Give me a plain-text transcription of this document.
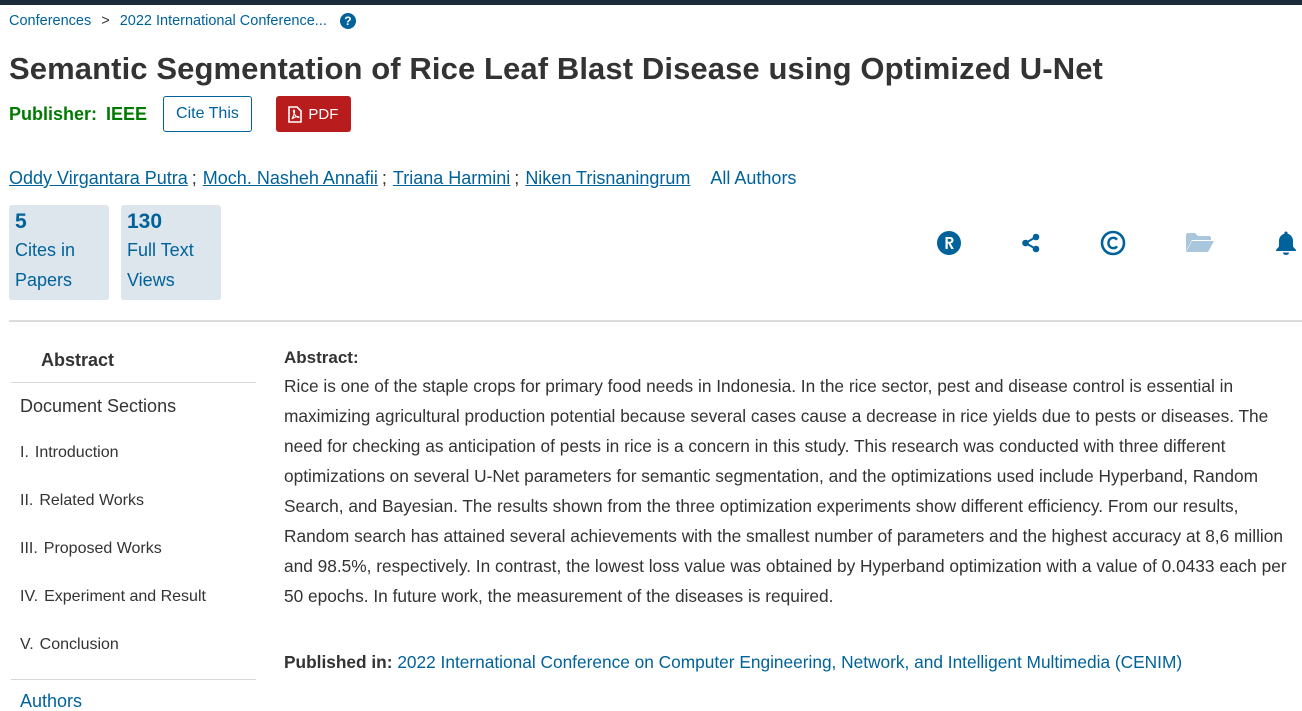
Conferences > 2022 International Conference...	?
Semantic Segmentation of Rice Leaf Blast Disease using Optimized U-Net
Publisher: IEEE	Cite This	PDF
Oddy Virgantara Putra ; Moch. Nasheh Annafii ; Triana Harmini ; Niken Trisnaningrum All Authors
5
Cites in Papers
130
Full Text Views
Abstract
Document Sections
I. Introduction
II. Related Works
III. Proposed Works
IV. Experiment and Result
V. Conclusion
Authors
Abstract:

Rice is one of the staple crops for primary food needs in Indonesia. In the rice sector, pest and disease control is essential in maximizing agricultural production potential because several cases cause a decrease in rice yields due to pests or diseases. The need for checking as anticipation of pests in rice is a concern in this study. This research was conducted with three different optimizations on several U-Net parameters for semantic segmentation, and the optimizations used include Hyperband, Random Search, and Bayesian. The results shown from the three optimization experiments show different efficiency. From our results, Random search has attained several achievements with the smallest number of parameters and the highest accuracy at 8,6 million and 98.5%, respectively. In contrast, the lowest loss value was obtained by Hyperband optimization with a value of 0.0433 each per 50 epochs. In future work, the measurement of the diseases is required.

Published in: 2022 International Conference on Computer Engineering, Network, and Intelligent Multimedia (CENIM)
